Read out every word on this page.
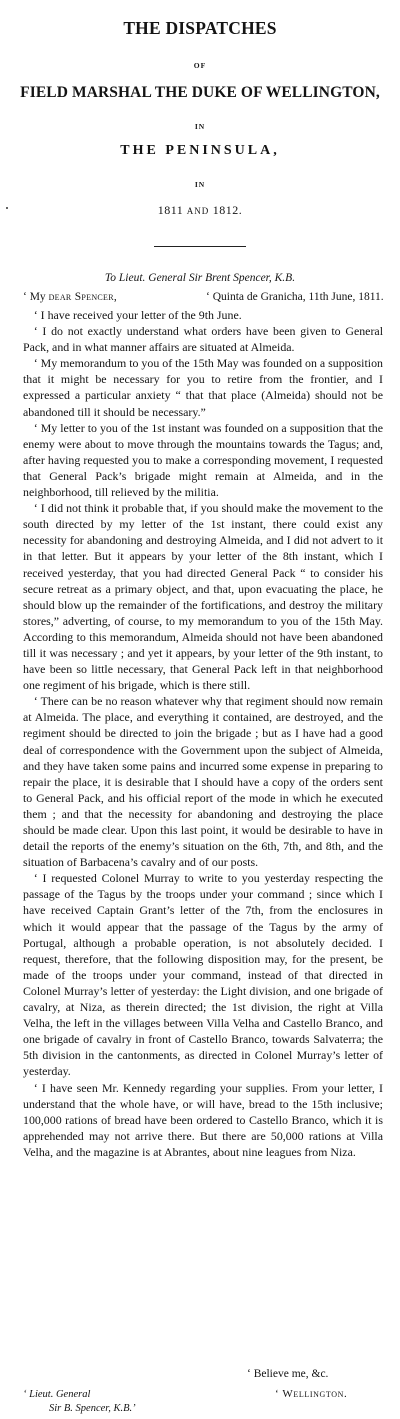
THE DISPATCHES
OF
FIELD MARSHAL THE DUKE OF WELLINGTON,
IN
THE PENINSULA,
IN
1811 AND 1812.
To Lieut. General Sir Brent Spencer, K.B.
‘ My dear Spencer,	‘ Quinta de Granicha, 11th June, 1811.

‘ I have received your letter of the 9th June.

‘ I do not exactly understand what orders have been given to General Pack, and in what manner affairs are situated at Almeida.

‘ My memorandum to you of the 15th May was founded on a supposition that it might be necessary for you to retire from the frontier, and I expressed a particular anxiety “ that that place (Almeida) should not be abandoned till it should be necessary.”

‘ My letter to you of the 1st instant was founded on a supposition that the enemy were about to move through the mountains towards the Tagus; and, after having requested you to make a corresponding movement, I requested that General Pack’s brigade might remain at Almeida, and in the neighborhood, till relieved by the militia.

‘ I did not think it probable that, if you should make the movement to the south directed by my letter of the 1st instant, there could exist any necessity for abandoning and destroying Almeida, and I did not advert to it in that letter. But it appears by your letter of the 8th instant, which I received yesterday, that you had directed General Pack “ to consider his secure retreat as a primary object, and that, upon evacuating the place, he should blow up the remainder of the fortifications, and destroy the military stores,” adverting, of course, to my memorandum to you of the 15th May. According to this memorandum, Almeida should not have been abandoned till it was necessary ; and yet it appears, by your letter of the 9th instant, to have been so little necessary, that General Pack left in that neighborhood one regiment of his brigade, which is there still.

‘ There can be no reason whatever why that regiment should now remain at Almeida. The place, and everything it contained, are destroyed, and the regiment should be directed to join the brigade ; but as I have had a good deal of correspondence with the Government upon the subject of Almeida, and they have taken some pains and incurred some expense in preparing to repair the place, it is desirable that I should have a copy of the orders sent to General Pack, and his official report of the mode in which he executed them ; and that the necessity for abandoning and destroying the place should be made clear. Upon this last point, it would be desirable to have in detail the reports of the enemy’s situation on the 6th, 7th, and 8th, and the situation of Barbacena’s cavalry and of our posts.

‘ I requested Colonel Murray to write to you yesterday respecting the passage of the Tagus by the troops under your command ; since which I have received Captain Grant’s letter of the 7th, from the enclosures in which it would appear that the passage of the Tagus by the army of Portugal, although a probable operation, is not absolutely decided. I request, therefore, that the following disposition may, for the present, be made of the troops under your command, instead of that directed in Colonel Murray’s letter of yesterday: the Light division, and one brigade of cavalry, at Niza, as therein directed; the 1st division, the right at Villa Velha, the left in the villages between Villa Velha and Castello Branco, and one brigade of cavalry in front of Castello Branco, towards Salvaterra; the 5th division in the cantonments, as directed in Colonel Murray’s letter of yesterday.

‘ I have seen Mr. Kennedy regarding your supplies. From your letter, I understand that the whole have, or will have, bread to the 15th inclusive; 100,000 rations of bread have been ordered to Castello Branco, which it is apprehended may not arrive there. But there are 50,000 rations at Villa Velha, and the magazine is at Abrantes, about nine leagues from Niza.

‘ Believe me, &c.
‘ Lieut. General
Sir B. Spencer, K.B.’
‘ Wellington.
